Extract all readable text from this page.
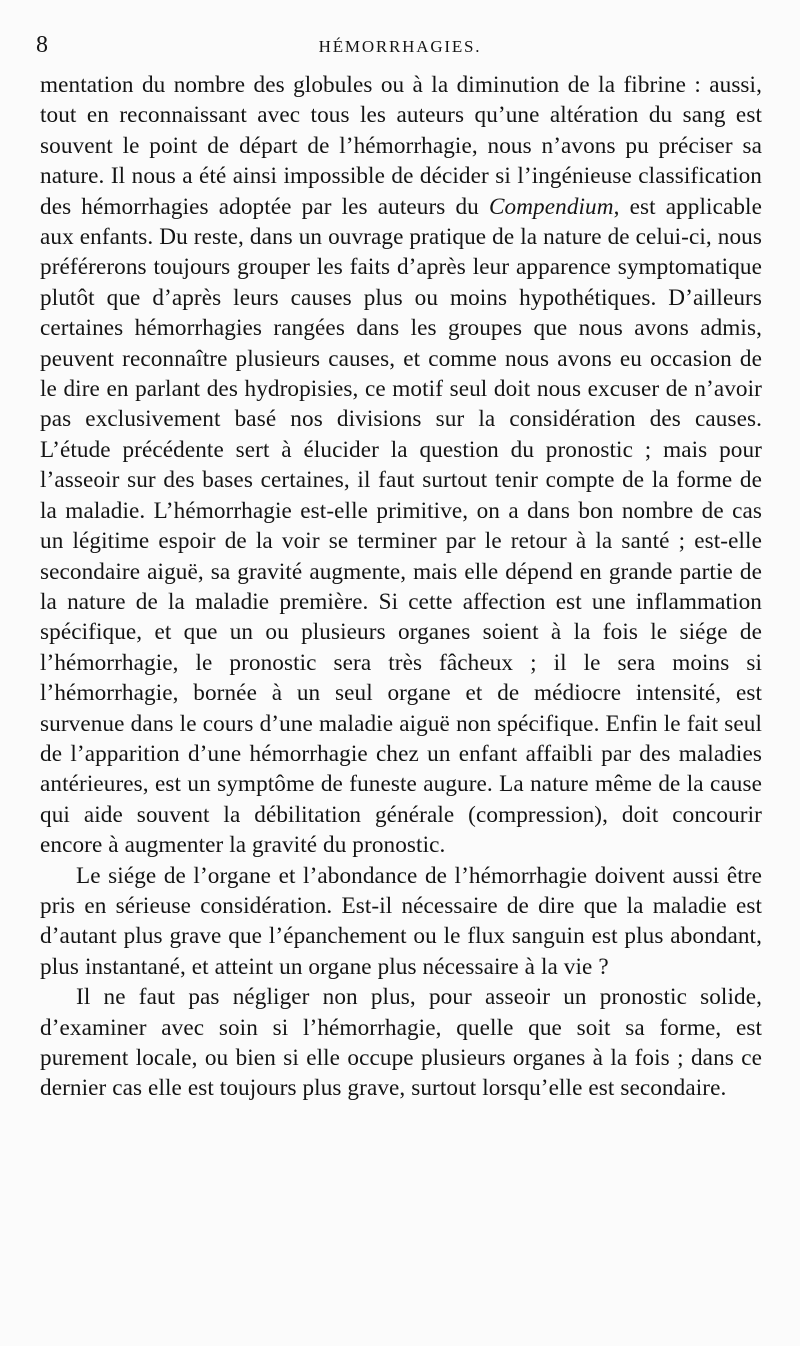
8	HÉMORRHAGIES.

mentation du nombre des globules ou à la diminution de la fibrine : aussi, tout en reconnaissant avec tous les auteurs qu’une altération du sang est souvent le point de départ de l’hémorrhagie, nous n’avons pu préciser sa nature. Il nous a été ainsi impossible de décider si l’ingénieuse classification des hémorrhagies adoptée par les auteurs du Compendium, est applicable aux enfants. Du reste, dans un ouvrage pratique de la nature de celui-ci, nous préférerons toujours grouper les faits d’après leur apparence symptomatique plutôt que d’après leurs causes plus ou moins hypothétiques. D’ailleurs certaines hémorrhagies rangées dans les groupes que nous avons admis, peuvent reconnaître plusieurs causes, et comme nous avons eu occasion de le dire en parlant des hydropisies, ce motif seul doit nous excuser de n’avoir pas exclusivement basé nos divisions sur la considération des causes. L’étude précédente sert à élucider la question du pronostic ; mais pour l’asseoir sur des bases certaines, il faut surtout tenir compte de la forme de la maladie. L’hémorrhagie est-elle primitive, on a dans bon nombre de cas un légitime espoir de la voir se terminer par le retour à la santé ; est-elle secondaire aiguë, sa gravité augmente, mais elle dépend en grande partie de la nature de la maladie première. Si cette affection est une inflammation spécifique, et que un ou plusieurs organes soient à la fois le siége de l’hémorrhagie, le pronostic sera très fâcheux ; il le sera moins si l’hémorrhagie, bornée à un seul organe et de médiocre intensité, est survenue dans le cours d’une maladie aiguë non spécifique. Enfin le fait seul de l’apparition d’une hémorrhagie chez un enfant affaibli par des maladies antérieures, est un symptôme de funeste augure. La nature même de la cause qui aide souvent la débilitation générale (compression), doit concourir encore à augmenter la gravité du pronostic.

Le siége de l’organe et l’abondance de l’hémorrhagie doivent aussi être pris en sérieuse considération. Est-il nécessaire de dire que la maladie est d’autant plus grave que l’épanchement ou le flux sanguin est plus abondant, plus instantané, et atteint un organe plus nécessaire à la vie ?

Il ne faut pas négliger non plus, pour asseoir un pronostic solide, d’examiner avec soin si l’hémorrhagie, quelle que soit sa forme, est purement locale, ou bien si elle occupe plusieurs organes à la fois ; dans ce dernier cas elle est toujours plus grave, surtout lorsqu’elle est secondaire.
